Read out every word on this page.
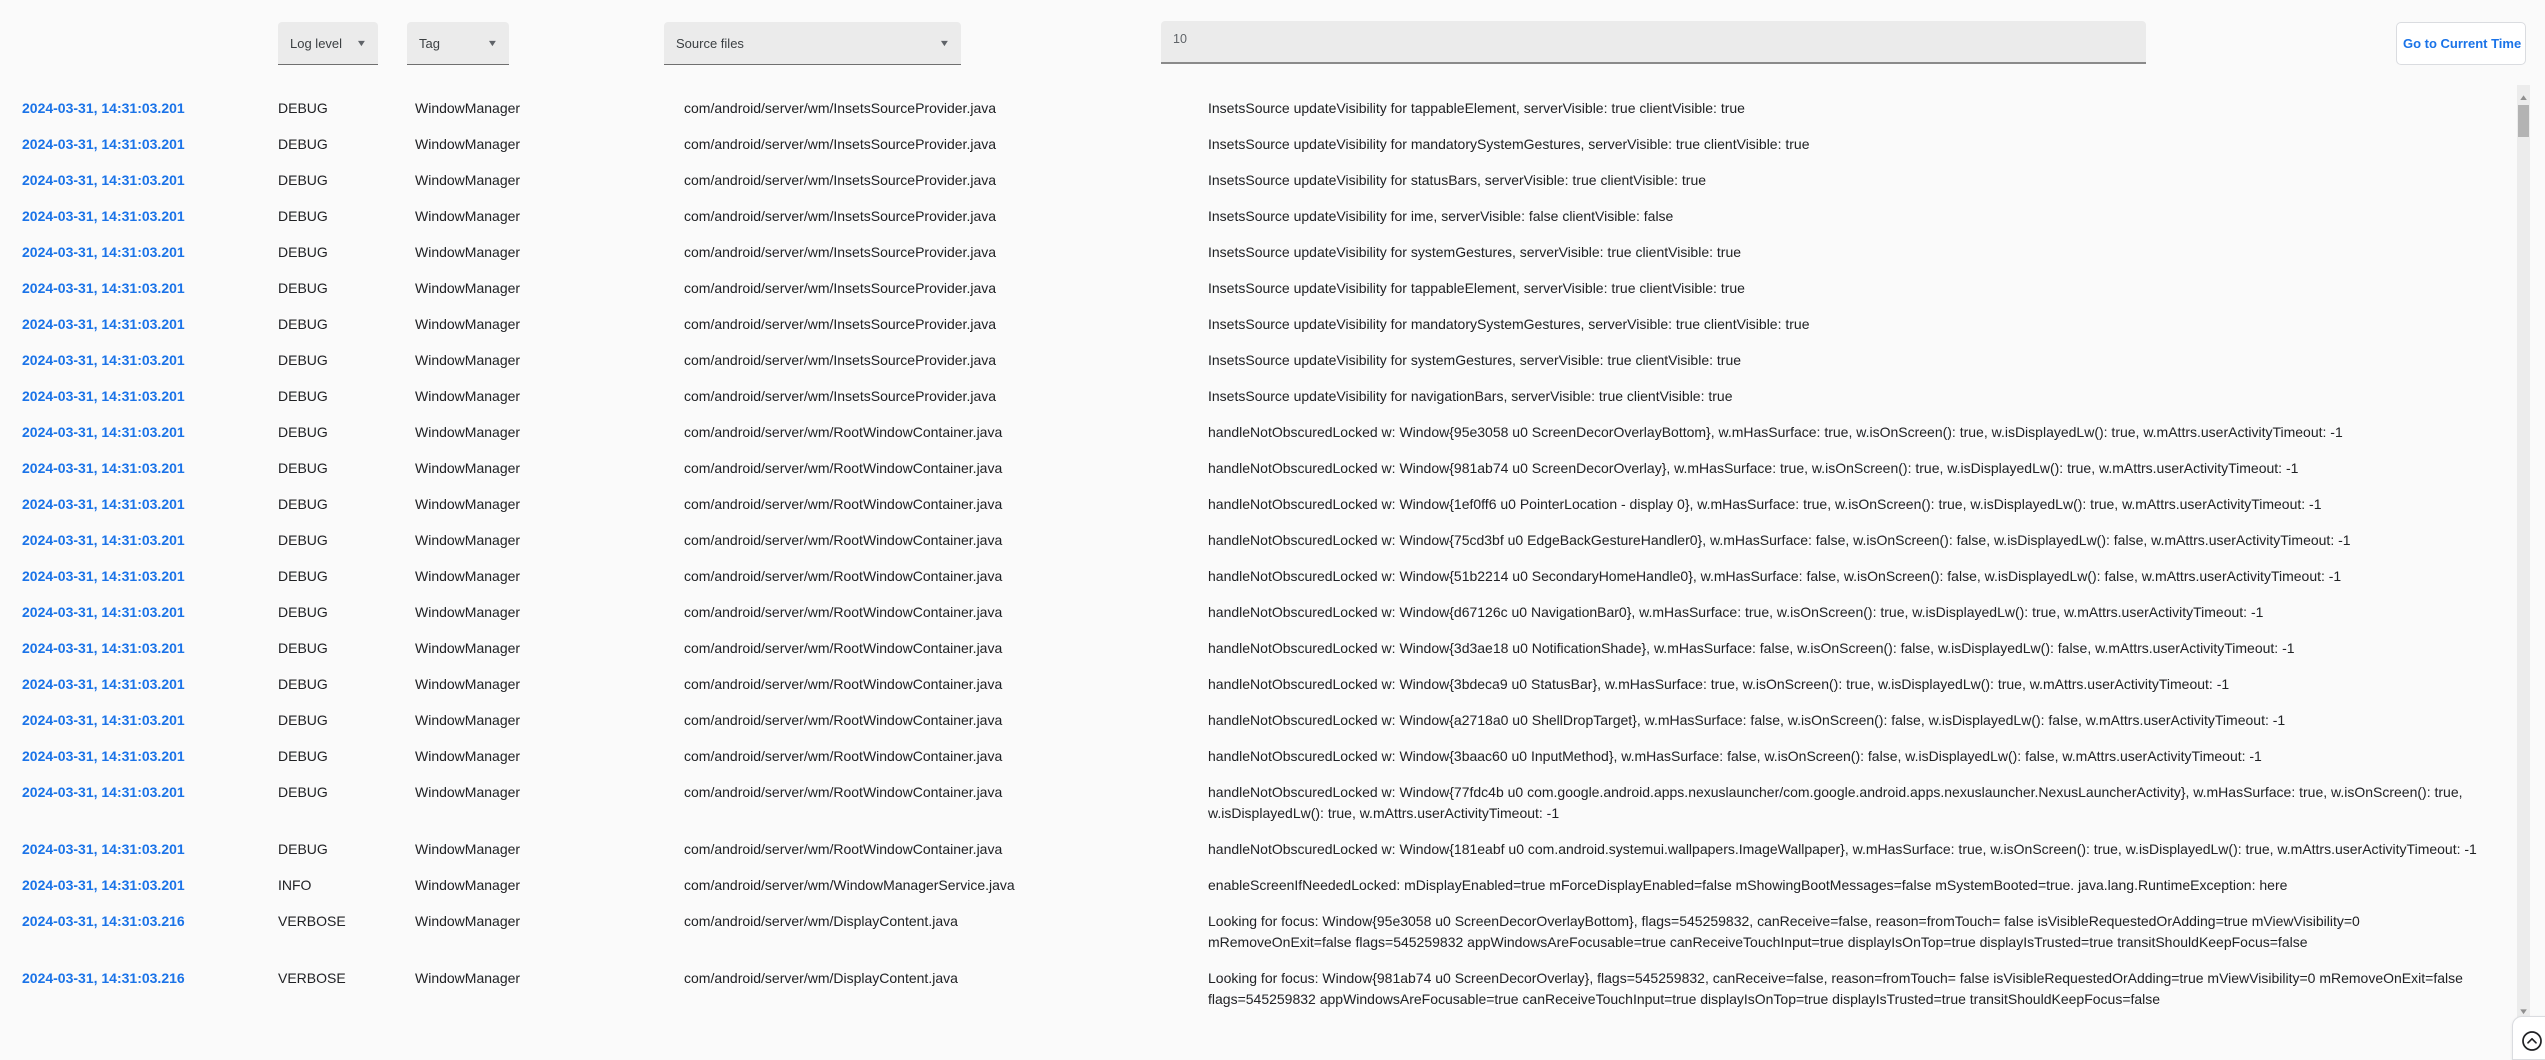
Log level ▼	Tag	▼	Source files	▼
10	Go to Current Time
2024-03-31, 14:31:03.201	DEBUG	WindowManager	com/android/server/wm/InsetsSourceProvider.java	InsetsSource updateVisibility for tappableElement, serverVisible: true clientVisible: true
2024-03-31, 14:31:03.201	DEBUG	WindowManager	com/android/server/wm/InsetsSourceProvider.java	InsetsSource updateVisibility for mandatorySystemGestures, serverVisible: true clientVisible: true
2024-03-31, 14:31:03.201	DEBUG	WindowManager	com/android/server/wm/InsetsSourceProvider.java	InsetsSource updateVisibility for statusBars, serverVisible: true clientVisible: true
2024-03-31, 14:31:03.201	DEBUG	WindowManager	com/android/server/wm/InsetsSourceProvider.java	InsetsSource updateVisibility for ime, serverVisible: false clientVisible: false
2024-03-31, 14:31:03.201	DEBUG	WindowManager	com/android/server/wm/InsetsSourceProvider.java	InsetsSource updateVisibility for systemGestures, serverVisible: true clientVisible: true
2024-03-31, 14:31:03.201	DEBUG	WindowManager	com/android/server/wm/InsetsSourceProvider.java	InsetsSource updateVisibility for tappableElement, serverVisible: true clientVisible: true
2024-03-31, 14:31:03.201	DEBUG	WindowManager	com/android/server/wm/InsetsSourceProvider.java	InsetsSource updateVisibility for mandatorySystemGestures, serverVisible: true clientVisible: true
2024-03-31, 14:31:03.201	DEBUG	WindowManager	com/android/server/wm/InsetsSourceProvider.java	InsetsSource updateVisibility for systemGestures, serverVisible: true clientVisible: true
2024-03-31, 14:31:03.201	DEBUG	WindowManager	com/android/server/wm/InsetsSourceProvider.java	InsetsSource updateVisibility for navigationBars, serverVisible: true clientVisible: true
2024-03-31, 14:31:03.201	DEBUG	WindowManager	com/android/server/wm/RootWindowContainer.java	handleNotObscuredLocked w: Window{95e3058 u0 ScreenDecorOverlayBottom}, w.mHasSurface: true, w.isOnScreen(): true, w.isDisplayedLw(): true, w.mAttrs.userActivityTimeout: -1
2024-03-31, 14:31:03.201	DEBUG	WindowManager	com/android/server/wm/RootWindowContainer.java	handleNotObscuredLocked w: Window{981ab74 u0 ScreenDecorOverlay}, w.mHasSurface: true, w.isOnScreen(): true, w.isDisplayedLw(): true, w.mAttrs.userActivityTimeout: -1
2024-03-31, 14:31:03.201	DEBUG	WindowManager	com/android/server/wm/RootWindowContainer.java	handleNotObscuredLocked w: Window{1ef0ff6 u0 PointerLocation - display 0}, w.mHasSurface: true, w.isOnScreen(): true, w.isDisplayedLw(): true, w.mAttrs.userActivityTimeout: -1
2024-03-31, 14:31:03.201	DEBUG	WindowManager	com/android/server/wm/RootWindowContainer.java	handleNotObscuredLocked w: Window{75cd3bf u0 EdgeBackGestureHandler0}, w.mHasSurface: false, w.isOnScreen(): false, w.isDisplayedLw(): false, w.mAttrs.userActivityTimeout: -1
2024-03-31, 14:31:03.201	DEBUG	WindowManager	com/android/server/wm/RootWindowContainer.java	handleNotObscuredLocked w: Window{51b2214 u0 SecondaryHomeHandle0}, w.mHasSurface: false, w.isOnScreen(): false, w.isDisplayedLw(): false, w.mAttrs.userActivityTimeout: -1
2024-03-31, 14:31:03.201	DEBUG	WindowManager	com/android/server/wm/RootWindowContainer.java	handleNotObscuredLocked w: Window{d67126c u0 NavigationBar0}, w.mHasSurface: true, w.isOnScreen(): true, w.isDisplayedLw(): true, w.mAttrs.userActivityTimeout: -1
2024-03-31, 14:31:03.201	DEBUG	WindowManager	com/android/server/wm/RootWindowContainer.java	handleNotObscuredLocked w: Window{3d3ae18 u0 NotificationShade}, w.mHasSurface: false, w.isOnScreen(): false, w.isDisplayedLw(): false, w.mAttrs.userActivityTimeout: -1
2024-03-31, 14:31:03.201	DEBUG	WindowManager	com/android/server/wm/RootWindowContainer.java	handleNotObscuredLocked w: Window{3bdeca9 u0 StatusBar}, w.mHasSurface: true, w.isOnScreen(): true, w.isDisplayedLw(): true, w.mAttrs.userActivityTimeout: -1
2024-03-31, 14:31:03.201	DEBUG	WindowManager	com/android/server/wm/RootWindowContainer.java	handleNotObscuredLocked w: Window{a2718a0 u0 ShellDropTarget}, w.mHasSurface: false, w.isOnScreen(): false, w.isDisplayedLw(): false, w.mAttrs.userActivityTimeout: -1
2024-03-31, 14:31:03.201	DEBUG	WindowManager	com/android/server/wm/RootWindowContainer.java	handleNotObscuredLocked w: Window{3baac60 u0 InputMethod}, w.mHasSurface: false, w.isOnScreen(): false, w.isDisplayedLw(): false, w.mAttrs.userActivityTimeout: -1
2024-03-31, 14:31:03.201	DEBUG	WindowManager	com/android/server/wm/RootWindowContainer.java	handleNotObscuredLocked w: Window{77fdc4b u0 com.google.android.apps.nexuslauncher/com.google.android.apps.nexuslauncher.NexusLauncherActivity}, w.mHasSurface: true, w.isOnScreen(): true, w.isDisplayedLw(): true, w.mAttrs.userActivityTimeout: -1
2024-03-31, 14:31:03.201	DEBUG	WindowManager	com/android/server/wm/RootWindowContainer.java	handleNotObscuredLocked w: Window{181eabf u0 com.android.systemui.wallpapers.ImageWallpaper}, w.mHasSurface: true, w.isOnScreen(): true, w.isDisplayedLw(): true, w.mAttrs.userActivityTimeout: -1
2024-03-31, 14:31:03.201	INFO	WindowManager	com/android/server/wm/WindowManagerService.java	enableScreenIfNeededLocked: mDisplayEnabled=true mForceDisplayEnabled=false mShowingBootMessages=false mSystemBooted=true. java.lang.RuntimeException: here
2024-03-31, 14:31:03.216	VERBOSE	WindowManager	com/android/server/wm/DisplayContent.java	Looking for focus: Window{95e3058 u0 ScreenDecorOverlayBottom}, flags=545259832, canReceive=false, reason=fromTouch= false isVisibleRequestedOrAdding=true mViewVisibility=0 mRemoveOnExit=false flags=545259832 appWindowsAreFocusable=true canReceiveTouchInput=true displayIsOnTop=true displayIsTrusted=true transitShouldKeepFocus=false
2024-03-31, 14:31:03.216	VERBOSE	WindowManager	com/android/server/wm/DisplayContent.java	Looking for focus: Window{981ab74 u0 ScreenDecorOverlay}, flags=545259832, canReceive=false, reason=fromTouch= false isVisibleRequestedOrAdding=true mViewVisibility=0 mRemoveOnExit=false flags=545259832 appWindowsAreFocusable=true canReceiveTouchInput=true displayIsOnTop=true displayIsTrusted=true transitShouldKeepFocus=false
▲
▼
